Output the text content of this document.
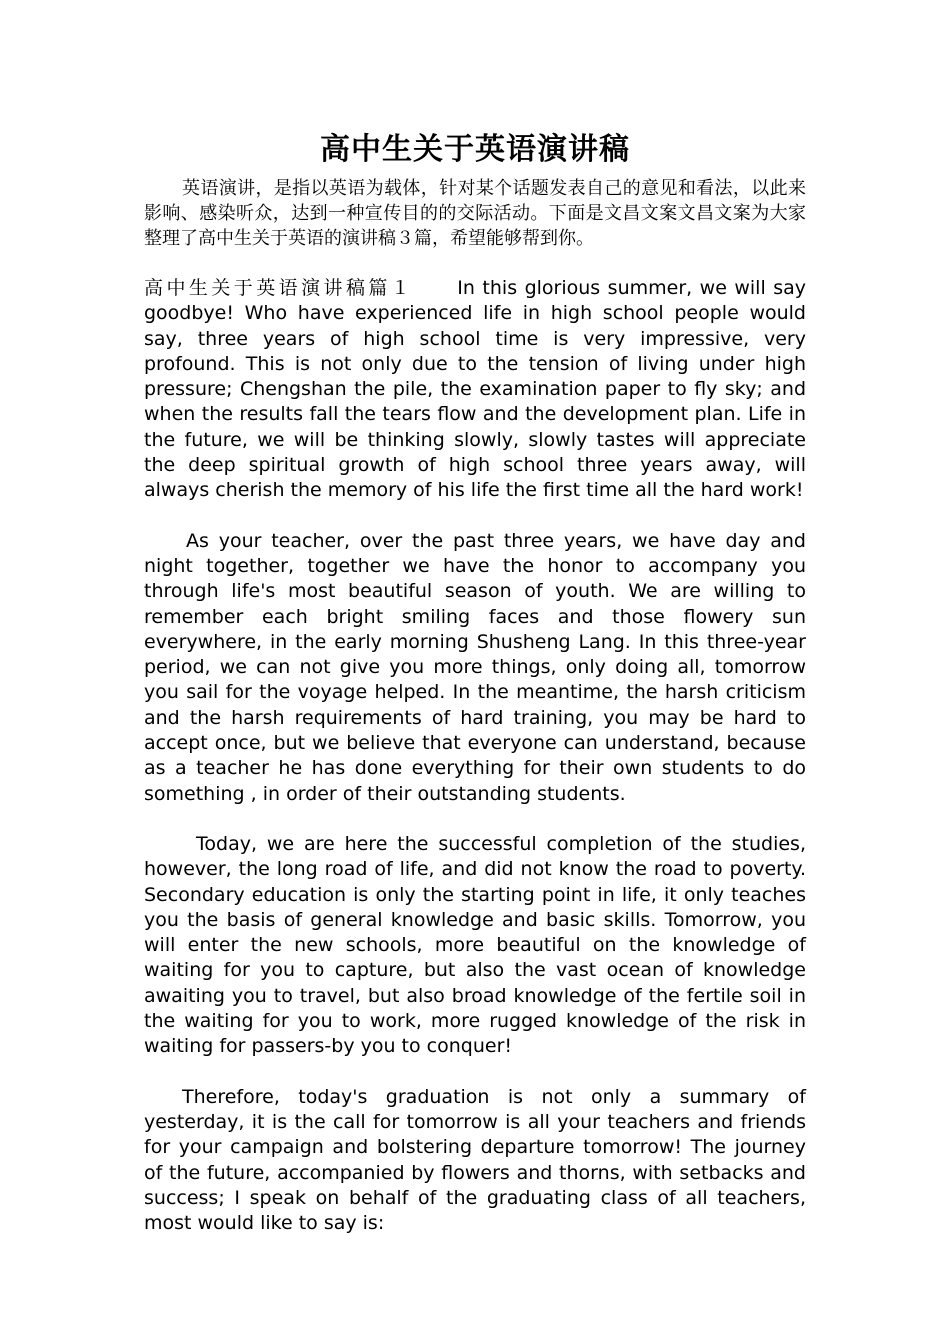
高中生关于英语演讲稿

英语演讲，是指以英语为载体，针对某个话题发表自己的意见和看法，以此来影响、感染听众，达到一种宣传目的的交际活动。下面是文昌文案文昌文案为大家整理了高中生关于英语的演讲稿３篇，希望能够帮到你。

高中生关于英语演讲稿篇１ In this glorious summer, we will say goodbye! Who have experienced life in high school people would say, three years of high school time is very impressive, very profound. This is not only due to the tension of living under high pressure; Chengshan the pile, the examination paper to fly sky; and when the results fall the tears flow and the development plan. Life in the future, we will be thinking slowly, slowly tastes will appreciate the deep spiritual growth of high school three years away, will always cherish the memory of his life the first time all the hard work!

As your teacher, over the past three years, we have day and night together, together we have the honor to accompany you through life's most beautiful season of youth. We are willing to remember each bright smiling faces and those flowery sun everywhere, in the early morning Shusheng Lang. In this three-year period, we can not give you more things, only doing all, tomorrow you sail for the voyage helped. In the meantime, the harsh criticism and the harsh requirements of hard training, you may be hard to accept once, but we believe that everyone can understand, because as a teacher he has done everything for their own students to do something , in order of their outstanding students.

Today, we are here the successful completion of the studies, however, the long road of life, and did not know the road to poverty. Secondary education is only the starting point in life, it only teaches you the basis of general knowledge and basic skills. Tomorrow, you will enter the new schools, more beautiful on the knowledge of waiting for you to capture, but also the vast ocean of knowledge awaiting you to travel, but also broad knowledge of the fertile soil in the waiting for you to work, more rugged knowledge of the risk in waiting for passers-by you to conquer!

Therefore, today's graduation is not only a summary of yesterday, it is the call for tomorrow is all your teachers and friends for your campaign and bolstering departure tomorrow! The journey of the future, accompanied by flowers and thorns, with setbacks and success; I speak on behalf of the graduating class of all teachers, most would like to say is:
